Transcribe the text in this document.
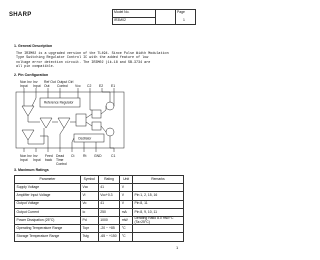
SHARP	Model No.
IR3M02
Page
1
1. General Description
The IR3M02 is a upgraded version of the TL494. Since Pulse Width Modulation
Type Switching Regulator Control IC with the added feature of low
voltage error detection circuit. The IR3M02 (1k-18 and SB-3734 are
all pin compatible.
2. Pin Configuration
Non Inv Inv Ref Out Output Ctrl
Vcc C2 E2 E1
Input Input Out Control
Reference Regulator
Oscillator
Non Inv Inv Feed Dead Ct	Rt GND	C1
Input Input back Time
Control
3. Maximum Ratings
Parameter	Symbol	Rating	Unit	Remarks
Supply Voltage	Vcc	41	V	
Amplifier Input Voltage	Vi	Vcc+0.3	V	Pin 1, 2, 15, 16
Output Voltage	Vo	41	V	Pin 8, 11
Output Current	Io	250	mA	Pin 8, 9, 10, 11
Power Dissipation (25°C)	Pd	1000	mW	Derating Ratio 8.0 mW/°C (Ta>25°C)
Operating Temperature Range	Topr	-20 ~ +85	°C	
Storage Temperature Range	Tstg	-65 ~ +150	°C	
1
